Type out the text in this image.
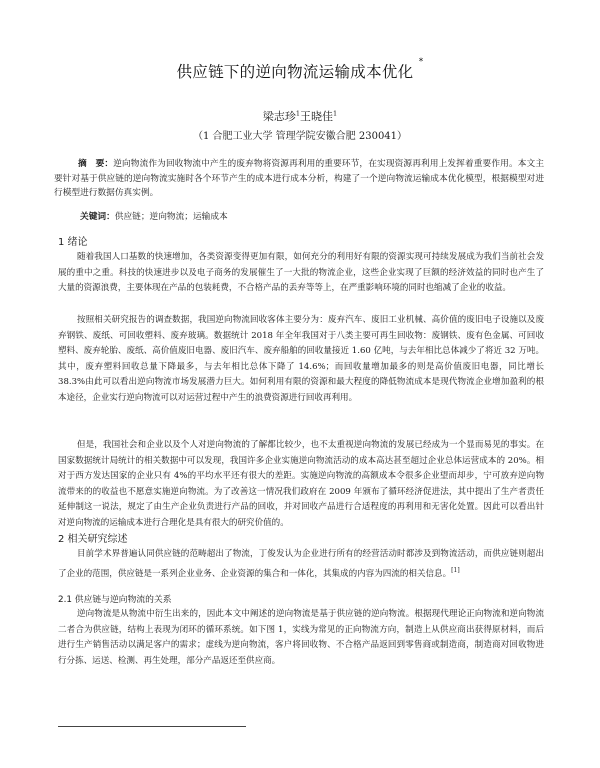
供应链下的逆向物流运输成本优化 *
梁志珍$^1$王晓佳$^1$
（1 合肥工业大学 管理学院安徽合肥 230041）
摘　要：逆向物流作为回收物流中产生的废弃物将资源再利用的重要环节，在实现资源再利用上发挥着重要作用。本文主要针对基于供应链的逆向物流实施时各个环节产生的成本进行成本分析，构建了一个逆向物流运输成本优化模型，根据模型对进行模型进行数据仿真实例。
关键词：供应链；逆向物流；运输成本
1 绪论

随着我国人口基数的快速增加，各类资源变得更加有限，如何充分的利用好有限的资源实现可持续发展成为我们当前社会发展的重中之重。科技的快速进步以及电子商务的发展催生了一大批的物流企业，这些企业实现了巨额的经济效益的同时也产生了大量的资源浪费，主要体现在产品的包装耗费，不合格产品的丢弃等等上，在严重影响环境的同时也缩减了企业的收益。

按照相关研究报告的调查数据，我国逆向物流回收客体主要分为：废弃汽车、废旧工业机械、高价值的废旧电子设施以及废弃钢铁、废纸、可回收塑料、废弃玻璃。数据统计 2018 年全年我国对于八类主要可再生回收物：废钢铁、废有色金属、可回收塑料、废弃轮胎、废纸、高价值废旧电器、废旧汽车、废弃船舶的回收量接近 1.60 亿吨，与去年相比总体减少了将近 32 万吨。其中，废弃塑料回收总量下降最多，与去年相比总体下降了 14.6%；而回收量增加最多的则是高价值废旧电器，同比增长 38.3%由此可以看出逆向物流市场发展潜力巨大。如何利用有限的资源和最大程度的降低物流成本是现代物流企业增加盈利的根本途径，企业实行逆向物流可以对运营过程中产生的浪费资源进行回收再利用。

但是，我国社会和企业以及个人对逆向物流的了解都比较少，也不太重视逆向物流的发展已经成为一个显而易见的事实。在国家数据统计局统计的相关数据中可以发现，我国许多企业实施逆向物流活动的成本高达甚至超过企业总体运营成本的 20%。相对于西方发达国家的企业只有 4%的平均水平还有很大的差距。实施逆向物流的高额成本令很多企业望而却步，宁可放弃逆向物流带来的的收益也不愿意实施逆向物流。为了改善这一情况我们政府在 2009 年颁布了循环经济促进法，其中提出了生产者责任延伸制这一说法，规定了由生产企业负责进行产品的回收，并对回收产品进行合适程度的再利用和无害化处置。因此可以看出针对逆向物流的运输成本进行合理化是具有很大的研究价值的。

2 相关研究综述

目前学术界普遍认同供应链的范畴超出了物流，丁俊发认为企业进行所有的经营活动时都涉及到物流活动，而供应链则超出了企业的范围，供应链是一系列企业业务、企业资源的集合和一体化，其集成的内容为四流的相关信息。[1]

2.1 供应链与逆向物流的关系

逆向物流是从物流中衍生出来的，因此本文中阐述的逆向物流是基于供应链的逆向物流。根据现代理论正向物流和逆向物流二者合为供应链，结构上表现为闭环的循环系统。如下图 1，实线为常见的正向物流方向，制造上从供应商出获得原材料，而后进行生产销售活动以满足客户的需求；虚线为逆向物流，客户将回收物、不合格产品返回到零售商或制造商，制造商对回收物进行分拣、运送、检测、再生处理，部分产品返还至供应商。
